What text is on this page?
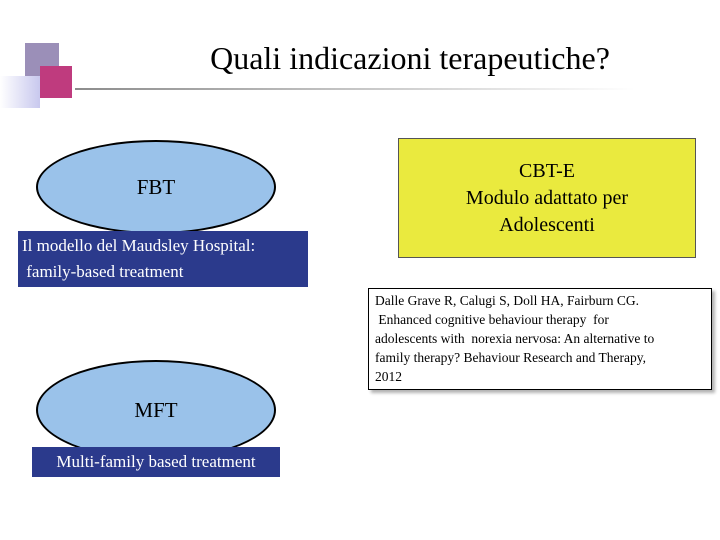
Quali indicazioni terapeutiche?
FBT
Il modello del Maudsley Hospital:
family-based treatment
CBT-E
Modulo adattato per
Adolescenti
Dalle Grave R, Calugi S, Doll HA, Fairburn CG.
Enhanced cognitive behaviour therapy  for
adolescents with  norexia nervosa: An alternative to
family therapy? Behaviour Research and Therapy,
2012
MFT
Multi-family based treatment
